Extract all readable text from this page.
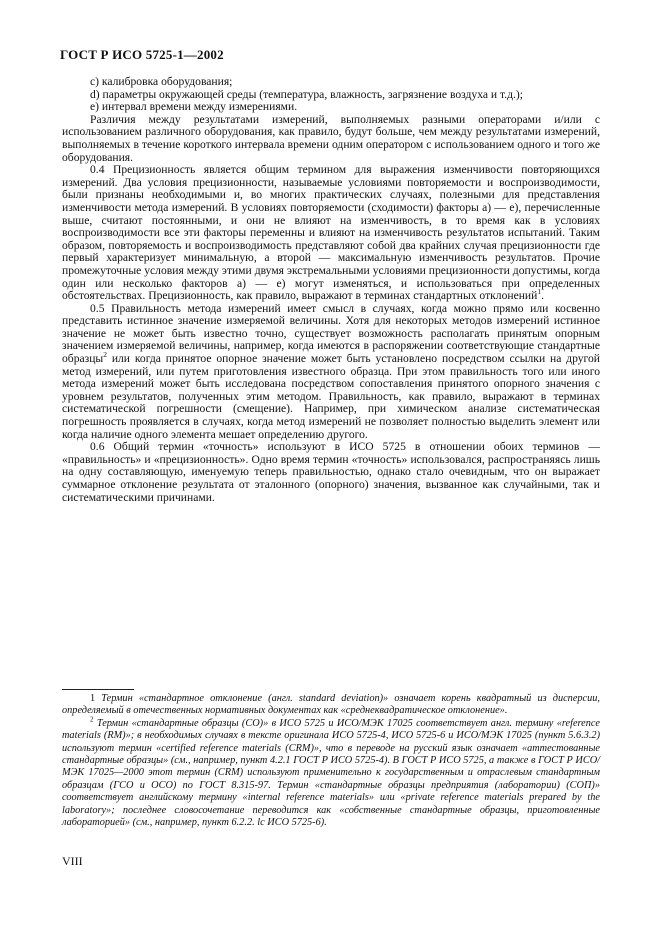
ГОСТ Р ИСО 5725-1—2002

c) калибровка оборудования;

d) параметры окружающей среды (температура, влажность, загрязнение воздуха и т.д.);

e) интервал времени между измерениями.

Различия между результатами измерений, выполняемых разными операторами и/или с использованием различного оборудования, как правило, будут больше, чем между результатами измерений, выполняемых в течение короткого интервала времени одним оператором с использованием одного и того же оборудования.

0.4 Прецизионность является общим термином для выражения изменчивости повторяющихся измерений. Два условия прецизионности, называемые условиями повторяемости и воспроизводимости, были признаны необходимыми и, во многих практических случаях, полезными для представления изменчивости метода измерений. В условиях повторяемости (сходимости) факторы а) — е), перечисленные выше, считают постоянными, и они не влияют на изменчивость, в то время как в условиях воспроизводимости все эти факторы переменны и влияют на изменчивость результатов испытаний. Таким образом, повторяемость и воспроизводимость представляют собой два крайних случая прецизионности где первый характеризует минимальную, а второй — максимальную изменчивость результатов. Прочие промежуточные условия между этими двумя экстремальными условиями прецизионности допустимы, когда один или несколько факторов а) — е) могут изменяться, и использоваться при определенных обстоятельствах. Прецизионность, как правило, выражают в терминах стандартных отклонений$^1$.

0.5 Правильность метода измерений имеет смысл в случаях, когда можно прямо или косвенно представить истинное значение измеряемой величины. Хотя для некоторых методов измерений истинное значение не может быть известно точно, существует возможность располагать принятым опорным значением измеряемой величины, например, когда имеются в распоряжении соответствующие стандартные образцы$^2$ или когда принятое опорное значение может быть установлено посредством ссылки на другой метод измерений, или путем приготовления известного образца. При этом правильность того или иного метода измерений может быть исследована посредством сопоставления принятого опорного значения с уровнем результатов, полученных этим методом. Правильность, как правило, выражают в терминах систематической погрешности (смещение). Например, при химическом анализе систематическая погрешность проявляется в случаях, когда метод измерений не позволяет полностью выделить элемент или когда наличие одного элемента мешает определению другого.

0.6 Общий термин «точность» используют в ИСО 5725 в отношении обоих терминов — «правильность» и «прецизионность». Одно время термин «точность» использовался, распространяясь лишь на одну составляющую, именуемую теперь правильностью, однако стало очевидным, что он выражает суммарное отклонение результата от эталонного (опорного) значения, вызванное как случайными, так и систематическими причинами.

1 Термин «стандартное отклонение (англ. standard deviation)» означает корень квадратный из дисперсии, определяемый в отечественных нормативных документах как «среднеквадратическое отклонение».

$^2$ Термин «стандартные образцы (СО)» в ИСО 5725 и ИСО/МЭК 17025 соответствует англ. термину «reference materials (RM)»; в необходимых случаях в тексте оригинала ИСО 5725-4, ИСО 5725-6 и ИСО/МЭК 17025 (пункт 5.6.3.2) используют термин «certified reference materials (CRM)», что в переводе на русский язык означает «аттестованные стандартные образцы» (см., например, пункт 4.2.1 ГОСТ Р ИСО 5725-4). В ГОСТ Р ИСО 5725, а также в ГОСТ Р ИСО/МЭК 17025—2000 этот термин (CRM) используют применительно к государственным и отраслевым стандартным образцам (ГСО и ОСО) по ГОСТ 8.315-97. Термин «стандартные образцы предприятия (лаборатории) (СОП)» соответствует английскому термину «internal reference materials» или «private reference materials prepared by the laboratory»; последнее словосочетание переводится как «собственные стандартные образцы, приготовленные лабораторией» (см., например, пункт 6.2.2. lc ИСО 5725-6).

VIII
